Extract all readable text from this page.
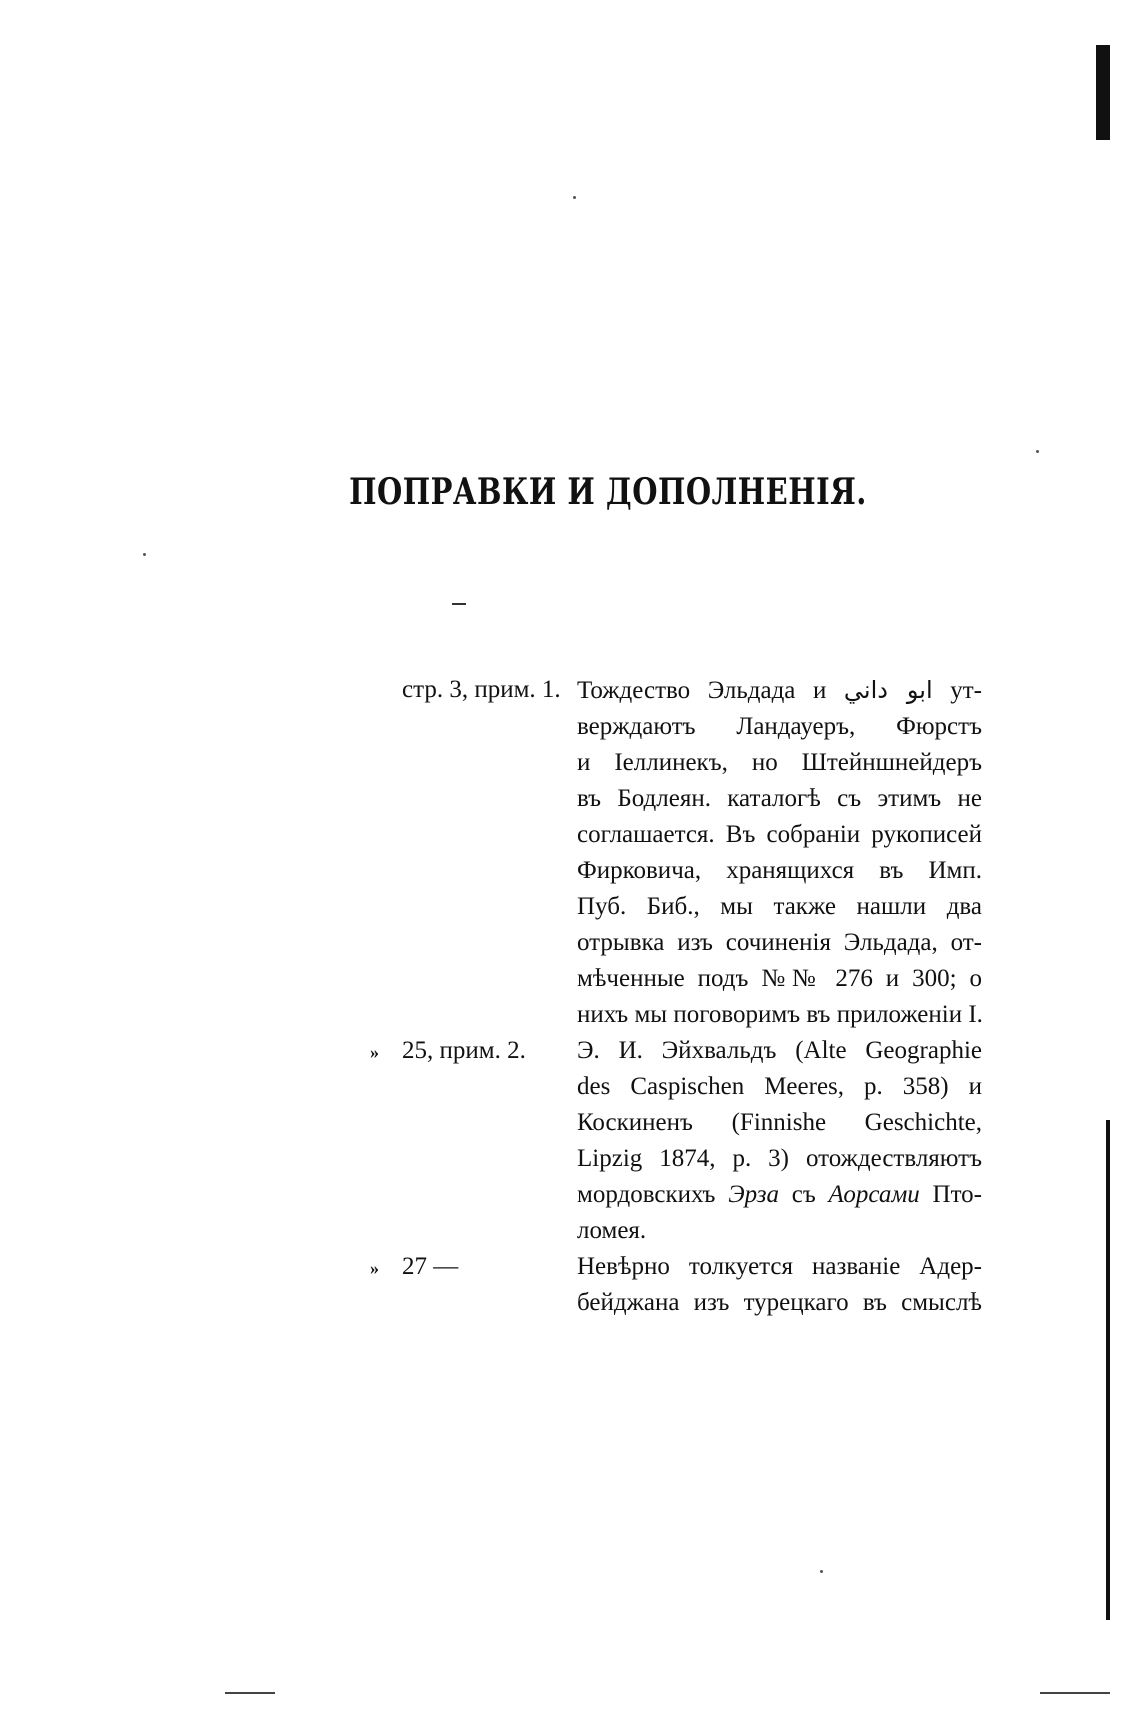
ПОПРАВКИ И ДОПОЛНЕНІЯ.
стр. 3, прим. 1. Тождество Эльдада и ابو داني ут-
верждаютъ Ландауеръ, Фюрстъ
и Іеллинекъ, но Штейншнейдеръ
въ Бодлеян. каталогѣ съ этимъ не
соглашается. Въ собраніи рукописей
Фирковича, хранящихся въ Имп.
Пуб. Биб., мы также нашли два
отрывка изъ сочиненія Эльдада, от-
мѣченные подъ №№ 276 и 300; о
нихъ мы поговоримъ въ приложеніи I.
» 25, прим. 2.	Э. И. Эйхвальдъ (Alte Geographie
des Caspischen Meeres, p. 358) и
Коскиненъ (Finnishe Geschichte,
Lipzig 1874, p. 3) отождествляютъ
мордовскихъ Эрза съ Аорсами Пто-
ломея.
» 27 —	Невѣрно толкуется названіе Адер-
бейджана изъ турецкаго въ смыслѣ
